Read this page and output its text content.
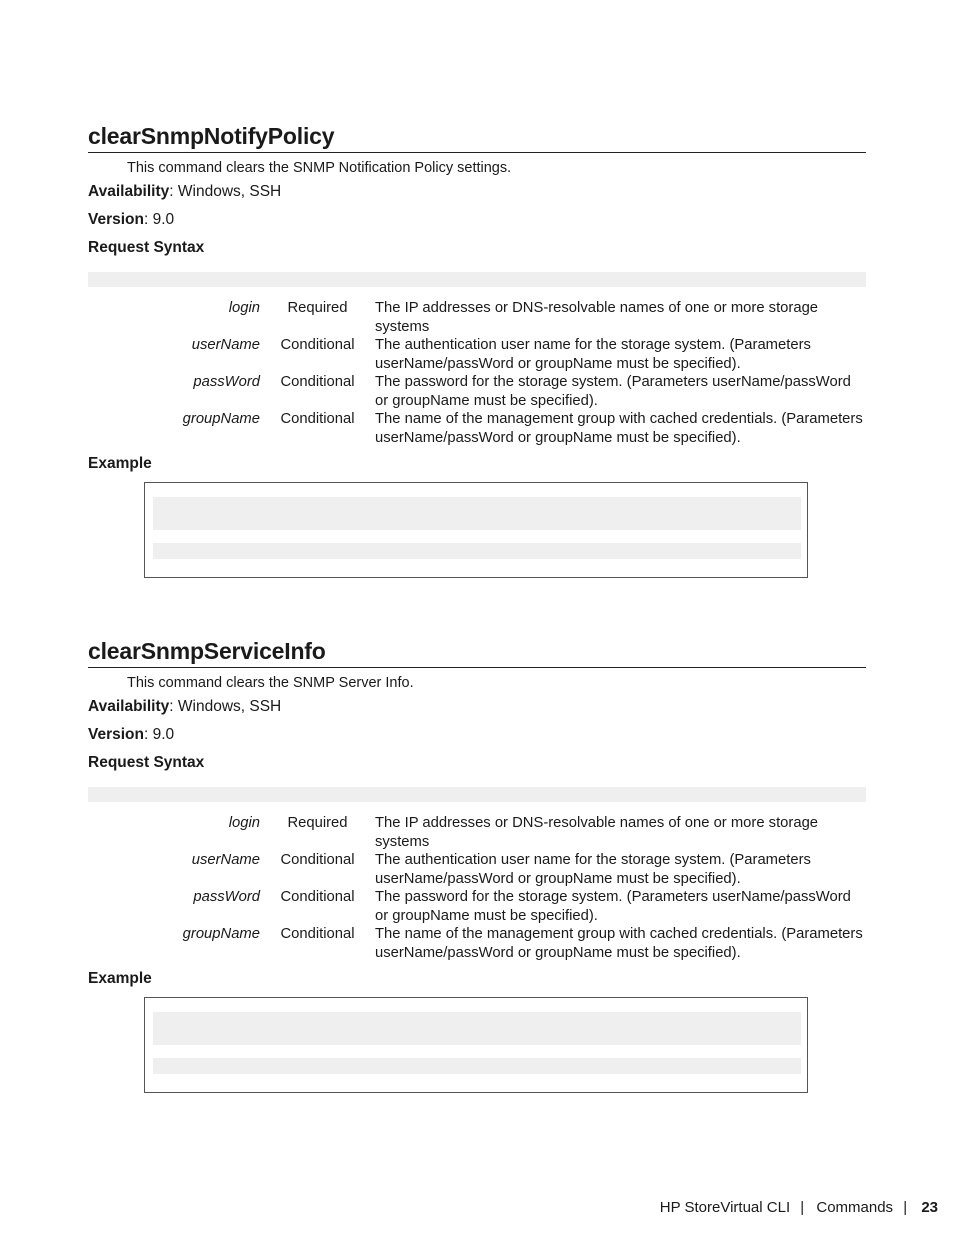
clearSnmpNotifyPolicy
This command clears the SNMP Notification Policy settings.
Availability: Windows, SSH
Version: 9.0
Request Syntax
login	Required	The IP addresses or DNS-resolvable names of one or more storage systems
userName	Conditional	The authentication user name for the storage system. (Parameters userName/passWord or groupName must be specified).
passWord	Conditional	The password for the storage system. (Parameters userName/passWord or groupName must be specified).
groupName	Conditional	The name of the management group with cached credentials. (Parameters userName/passWord or groupName must be specified).
Example
clearSnmpServiceInfo
This command clears the SNMP Server Info.
Availability: Windows, SSH
Version: 9.0
Request Syntax
login	Required	The IP addresses or DNS-resolvable names of one or more storage systems
userName	Conditional	The authentication user name for the storage system. (Parameters userName/passWord or groupName must be specified).
passWord	Conditional	The password for the storage system. (Parameters userName/passWord or groupName must be specified).
groupName	Conditional	The name of the management group with cached credentials. (Parameters userName/passWord or groupName must be specified).
Example
HP StoreVirtual CLI | Commands | 23
